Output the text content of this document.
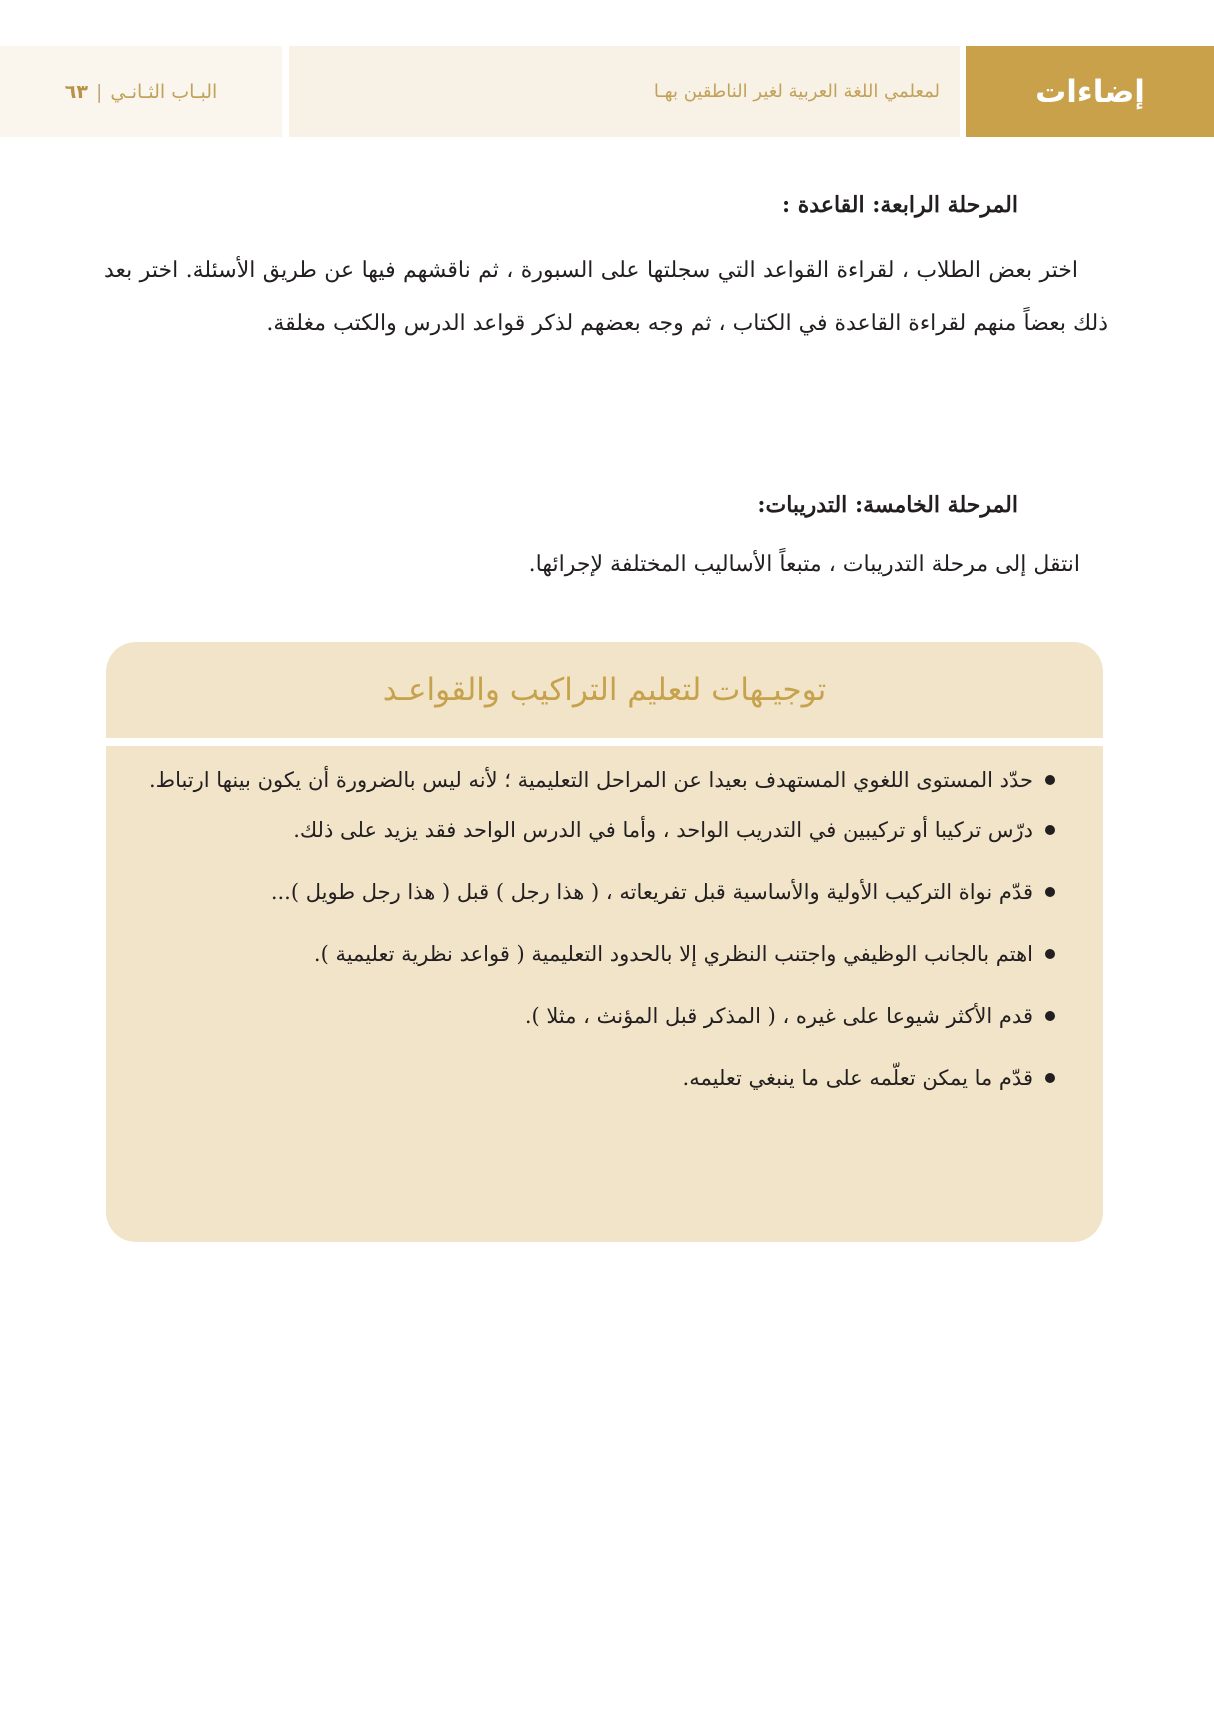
البـاب الثـانـي|٦٣	لمعلمي اللغة العربية لغير الناطقين بهـا	إضاءات
المرحلة الرابعة: القاعدة :
اختر بعض الطلاب ، لقراءة القواعد التي سجلتها على السبورة ، ثم ناقشهم فيها عن طريق الأسئلة. اختر بعد ذلك بعضاً منهم لقراءة القاعدة في الكتاب ، ثم وجه بعضهم لذكر قواعد الدرس والكتب مغلقة.
المرحلة الخامسة: التدريبات:
انتقل إلى مرحلة التدريبات ، متبعاً الأساليب المختلفة لإجرائها.
توجيـهات لتعليم التراكيب والقواعـد
حدّد المستوى اللغوي المستهدف بعيدا عن المراحل التعليمية ؛ لأنه ليس بالضرورة أن يكون بينها ارتباط.
درّس تركيبا أو تركيبين في التدريب الواحد ، وأما في الدرس الواحد فقد يزيد على ذلك.
قدّم نواة التركيب الأولية والأساسية قبل تفريعاته ، ( هذا رجل ) قبل ( هذا رجل طويل )...
اهتم بالجانب الوظيفي واجتنب النظري إلا بالحدود التعليمية ( قواعد نظرية تعليمية ).
قدم الأكثر شيوعا على غيره ، ( المذكر قبل المؤنث ، مثلا ).
قدّم ما يمكن تعلّمه على ما ينبغي تعليمه.
